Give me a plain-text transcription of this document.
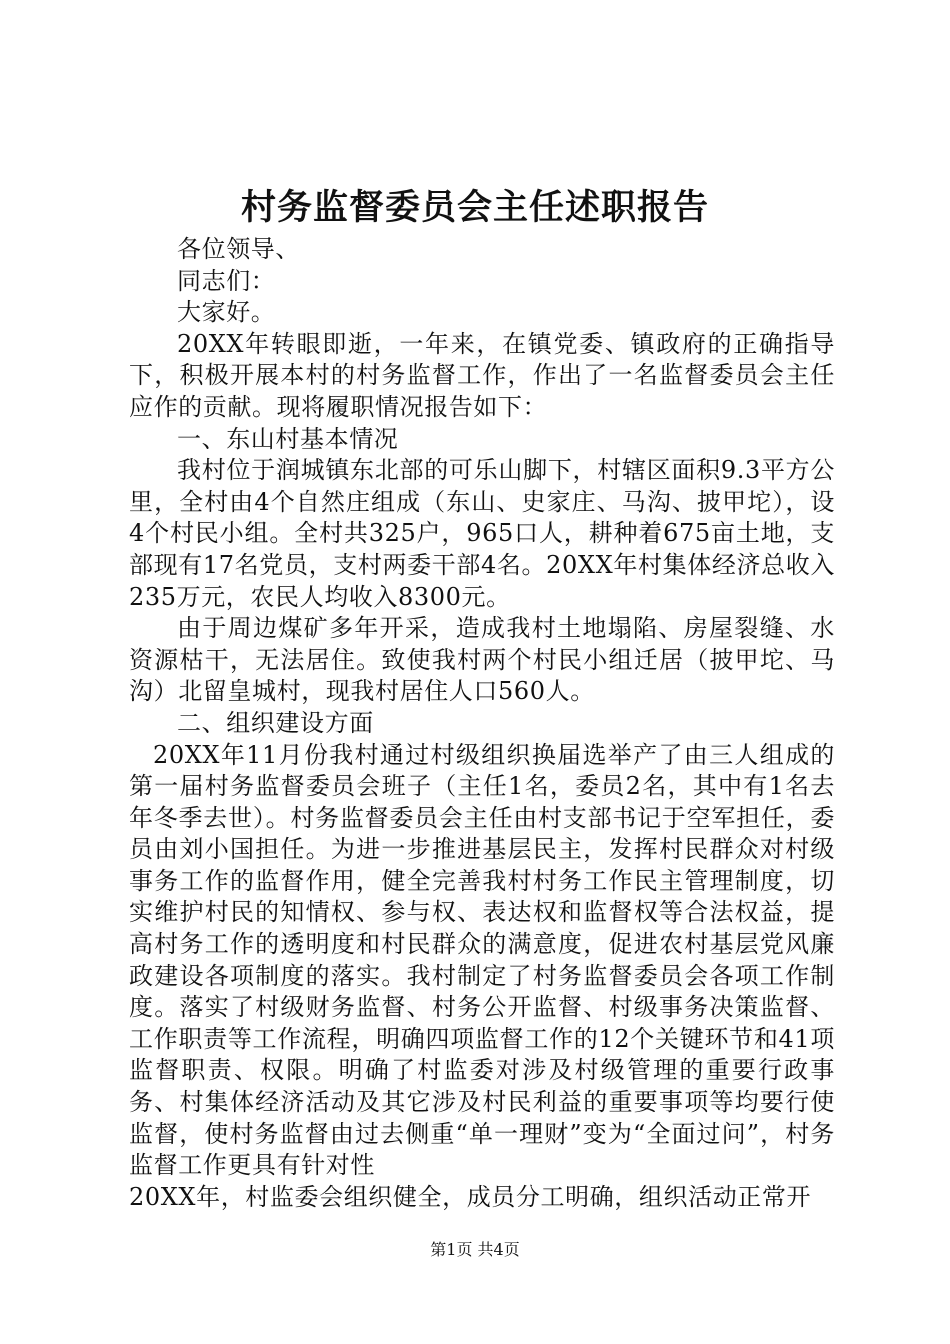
村务监督委员会主任述职报告

各位领导、

同志们：

大家好。

20XX年转眼即逝，一年来，在镇党委、镇政府的正确指导下，积极开展本村的村务监督工作，作出了一名监督委员会主任应作的贡献。现将履职情况报告如下：

一、东山村基本情况

我村位于润城镇东北部的可乐山脚下，村辖区面积9.3平方公里，全村由4个自然庄组成（东山、史家庄、马沟、披甲坨），设4个村民小组。全村共325户，965口人，耕种着675亩土地，支部现有17名党员，支村两委干部4名。20XX年村集体经济总收入235万元，农民人均收入8300元。

由于周边煤矿多年开采，造成我村土地塌陷、房屋裂缝、水资源枯干，无法居住。致使我村两个村民小组迁居（披甲坨、马沟）北留皇城村，现我村居住人口560人。

二、组织建设方面

20XX年11月份我村通过村级组织换届选举产了由三人组成的第一届村务监督委员会班子（主任1名，委员2名，其中有1名去年冬季去世）。村务监督委员会主任由村支部书记于空军担任，委员由刘小国担任。为进一步推进基层民主，发挥村民群众对村级事务工作的监督作用，健全完善我村村务工作民主管理制度，切实维护村民的知情权、参与权、表达权和监督权等合法权益，提高村务工作的透明度和村民群众的满意度，促进农村基层党风廉政建设各项制度的落实。我村制定了村务监督委员会各项工作制度。落实了村级财务监督、村务公开监督、村级事务决策监督、工作职责等工作流程，明确四项监督工作的12个关键环节和41项监督职责、权限。明确了村监委对涉及村级管理的重要行政事务、村集体经济活动及其它涉及村民利益的重要事项等均要行使监督，使村务监督由过去侧重“单一理财”变为“全面过问”，村务监督工作更具有针对性

20XX年，村监委会组织健全，成员分工明确，组织活动正常开

第1页 共4页
